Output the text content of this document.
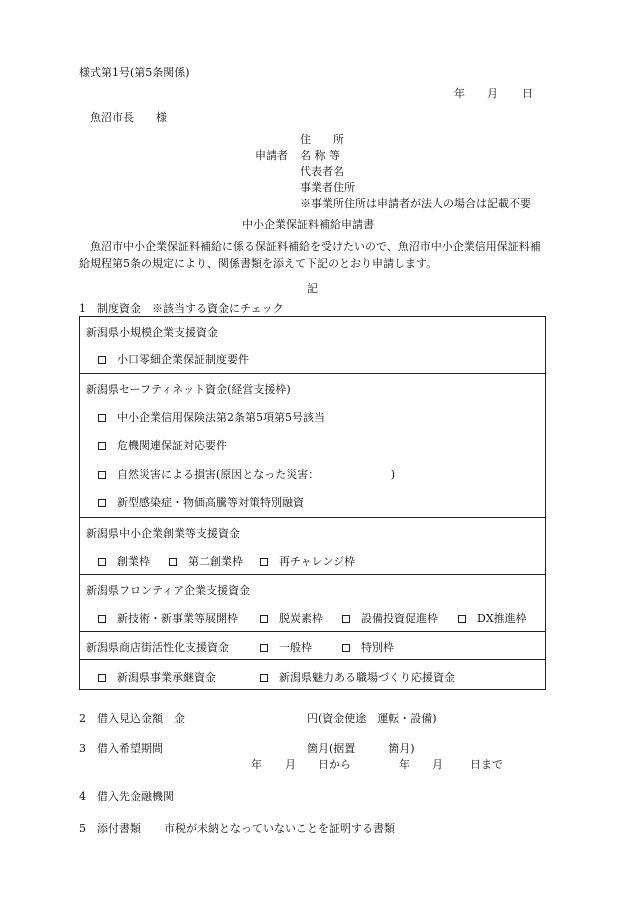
様式第1号(第5条関係)
年 月 日
魚沼市長　　様
住　　所
申請者 名 称 等
代表者名
事業者住所
※事業所住所は申請者が法人の場合は記載不要
中小企業保証料補給申請書
魚沼市中小企業保証料補給に係る保証料補給を受けたいので、魚沼市中小企業信用保証料補給規程第5条の規定により、関係書類を添えて下記のとおり申請します。
記
1　制度資金　※該当する資金にチェック
新潟県小規模企業支援資金
小口零細企業保証制度要件
新潟県セーフティネット資金(経営支援枠)
中小企業信用保険法第2条第5項第5号該当
危機関連保証対応要件
自然災害による損害(原因となった災害：　　　　　　　)
新型感染症・物価高騰等対策特別融資
新潟県中小企業創業等支援資金
創業枠	第二創業枠	再チャレンジ枠
新潟県フロンティア企業支援資金
新技術・新事業等展開枠	脱炭素枠	設備投資促進枠	DX推進枠
新潟県商店街活性化支援資金	一般枠	特別枠
新潟県事業承継資金	新潟県魅力ある職場づくり応援資金
2　借入見込金額　金	円(資金使途　運転・設備)
3　借入希望期間	箇月(据置　　　箇月)
年 月 日から	年 月 日まで
4　借入先金融機関
5　添付書類 市税が未納となっていないことを証明する書類
